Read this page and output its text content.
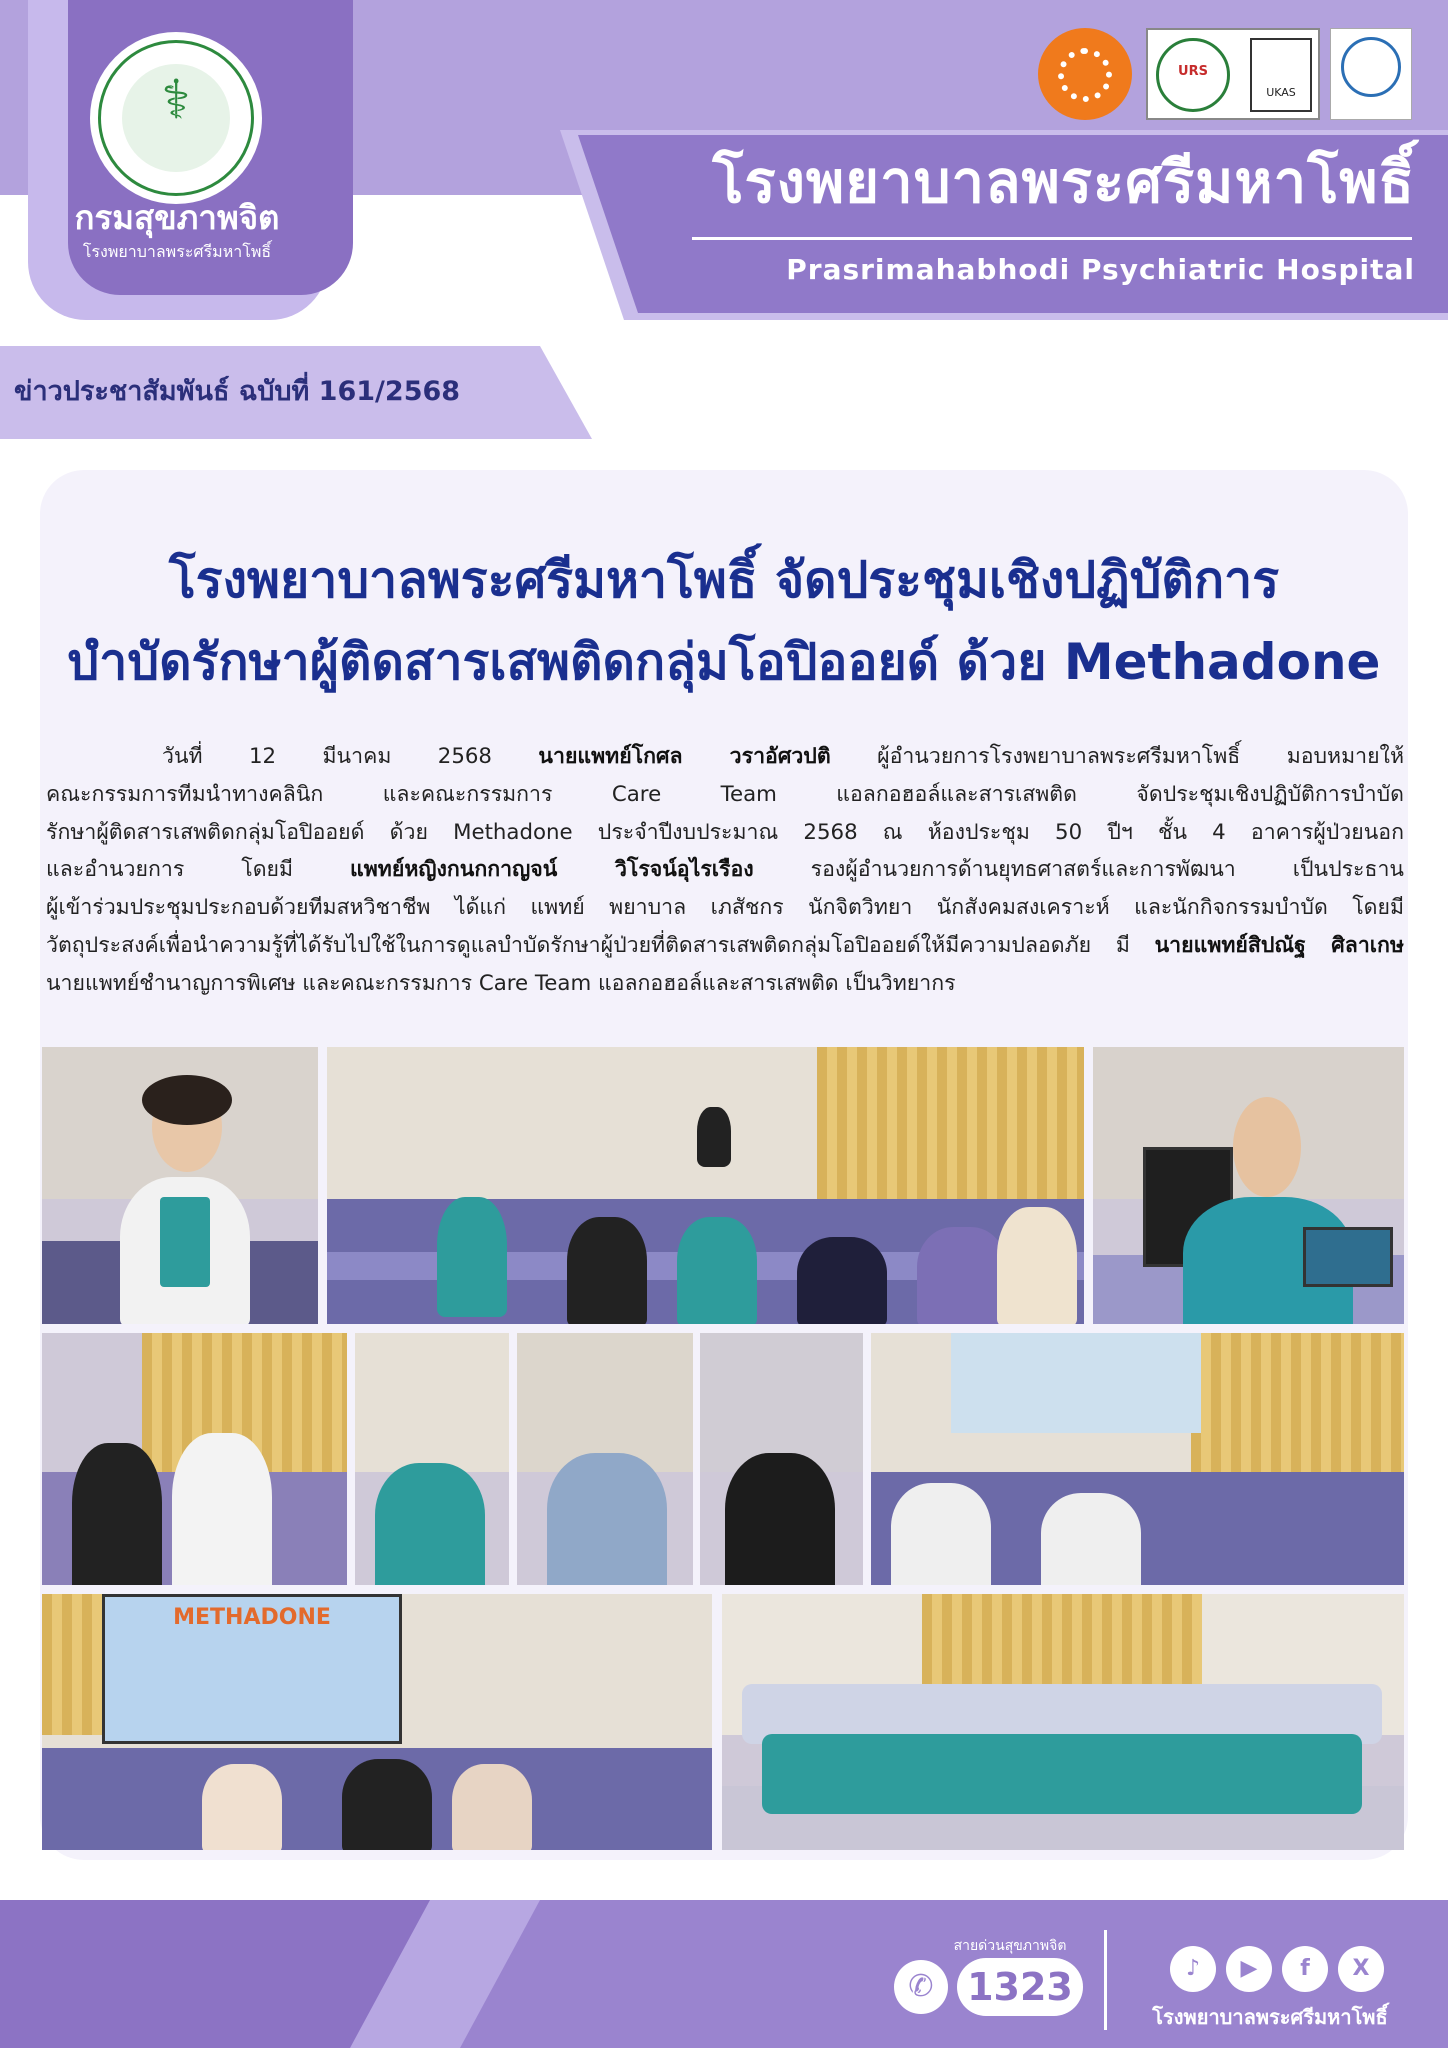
⚕
กรมสุขภาพจิต
โรงพยาบาลพระศรีมหาโพธิ์
URS
UKAS
โรงพยาบาลพระศรีมหาโพธิ์
Prasrimahabhodi Psychiatric Hospital
ข่าวประชาสัมพันธ์ ฉบับที่ 161/2568
โรงพยาบาลพระศรีมหาโพธิ์ จัดประชุมเชิงปฏิบัติการ
บำบัดรักษาผู้ติดสารเสพติดกลุ่มโอปิออยด์ ด้วย Methadone
วันที่ 12 มีนาคม 2568 นายแพทย์โกศล วราอัศวปติ ผู้อำนวยการโรงพยาบาลพระศรีมหาโพธิ์ มอบหมายให้
คณะกรรมการทีมนำทางคลินิก และคณะกรรมการ Care Team แอลกอฮอล์และสารเสพติด จัดประชุมเชิงปฏิบัติการบำบัด
รักษาผู้ติดสารเสพติดกลุ่มโอปิออยด์ ด้วย Methadone ประจำปีงบประมาณ 2568 ณ ห้องประชุม 50 ปีฯ ชั้น 4 อาคารผู้ป่วยนอก
และอำนวยการ โดยมี แพทย์หญิงกนกกาญจน์ วิโรจน์อุไรเรือง รองผู้อำนวยการด้านยุทธศาสตร์และการพัฒนา เป็นประธาน
ผู้เข้าร่วมประชุมประกอบด้วยทีมสหวิชาชีพ ได้แก่ แพทย์ พยาบาล เภสัชกร นักจิตวิทยา นักสังคมสงเคราะห์ และนักกิจกรรมบำบัด โดยมี
วัตถุประสงค์เพื่อนำความรู้ที่ได้รับไปใช้ในการดูแลบำบัดรักษาผู้ป่วยที่ติดสารเสพติดกลุ่มโอปิออยด์ให้มีความปลอดภัย มี นายแพทย์สิปณัฐ ศิลาเกษ
นายแพทย์ชำนาญการพิเศษ และคณะกรรมการ Care Team แอลกอฮอล์และสารเสพติด เป็นวิทยากร
METHADONE
สายด่วนสุขภาพจิต
✆ 1323	♪	▶	f	X
โรงพยาบาลพระศรีมหาโพธิ์
